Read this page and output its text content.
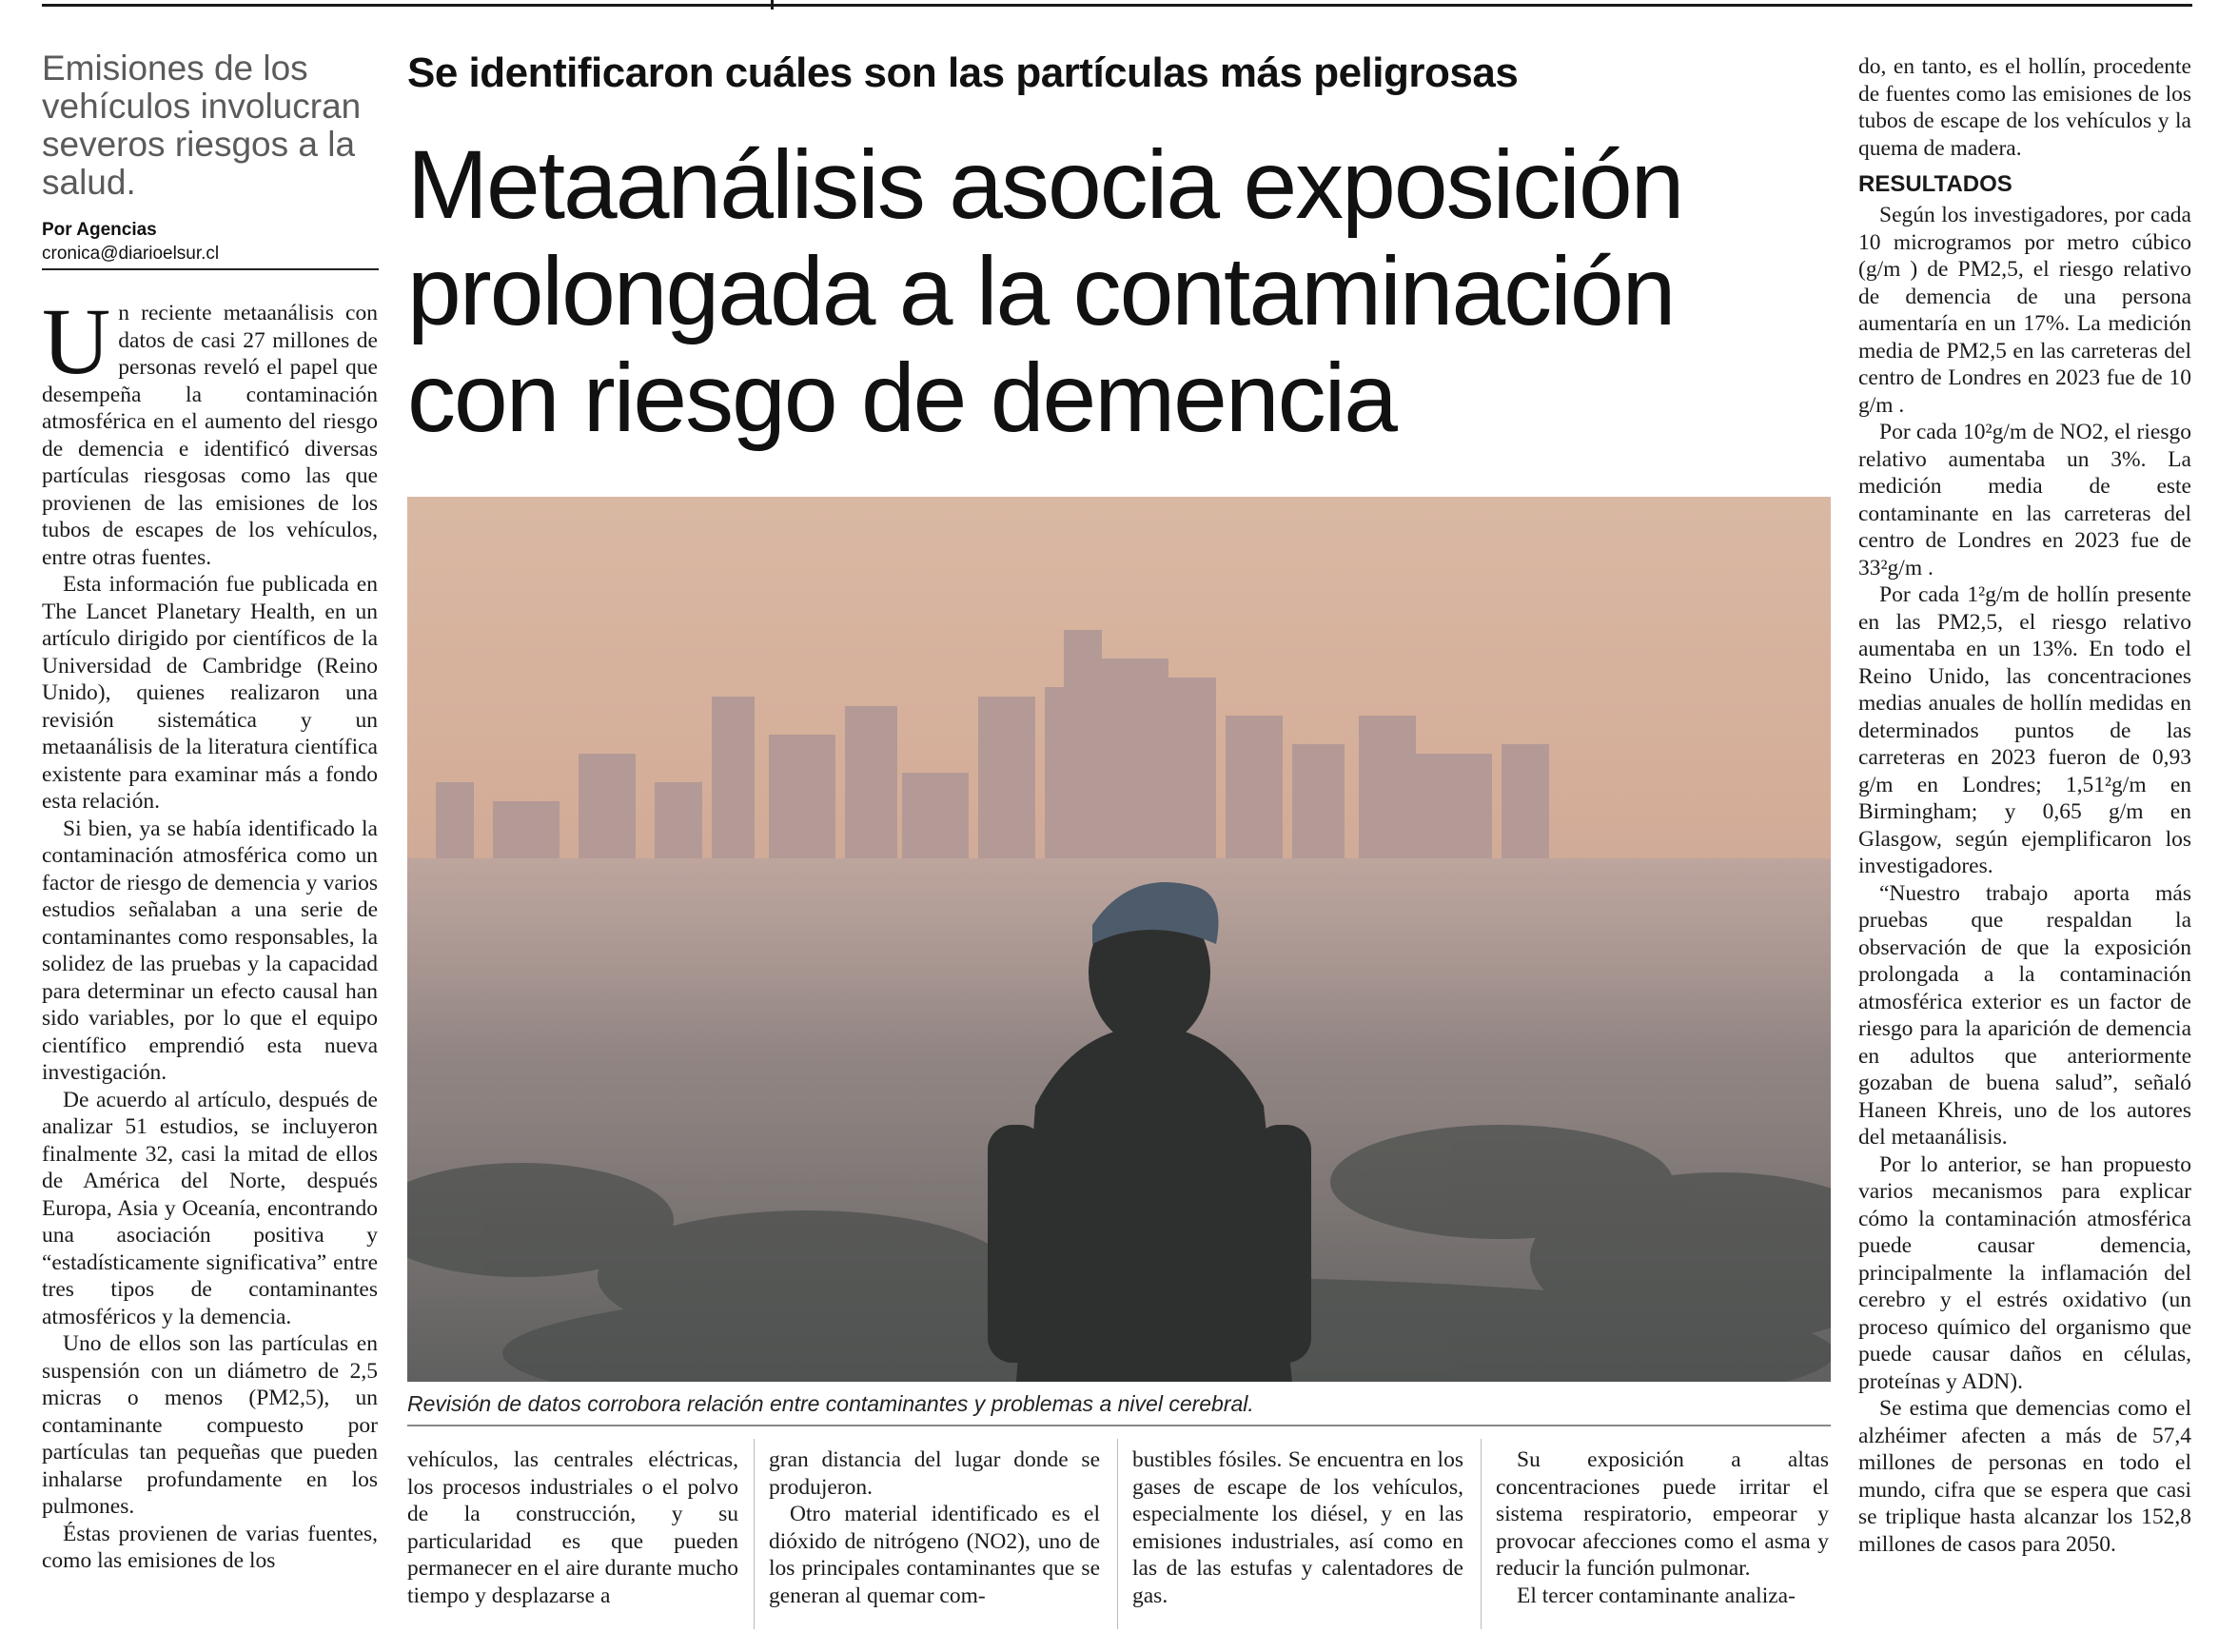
Emisiones de los vehículos involucran severos riesgos a la salud.
Por Agencias
cronica@diarioelsur.cl
Se identificaron cuáles son las partículas más peligrosas
Metaanálisis asocia exposición prolongada a la contaminación con riesgo de demencia

Un reciente metaanálisis con datos de casi 27 millones de personas reveló el papel que desempeña la contaminación atmosférica en el aumento del riesgo de demencia e identificó diversas partículas riesgosas como las que provienen de las emisiones de los tubos de escapes de los vehículos, entre otras fuentes.

Esta información fue publicada en The Lancet Planetary Health, en un artículo dirigido por científicos de la Universidad de Cambridge (Reino Unido), quienes realizaron una revisión sistemática y un metaanálisis de la literatura científica existente para examinar más a fondo esta relación.

Si bien, ya se había identificado la contaminación atmosférica como un factor de riesgo de demencia y varios estudios señalaban a una serie de contaminantes como responsables, la solidez de las pruebas y la capacidad para determinar un efecto causal han sido variables, por lo que el equipo científico emprendió esta nueva investigación.

De acuerdo al artículo, después de analizar 51 estudios, se incluyeron finalmente 32, casi la mitad de ellos de América del Norte, después Europa, Asia y Oceanía, encontrando una asociación positiva y “estadísticamente significativa” entre tres tipos de contaminantes atmosféricos y la demencia.

Uno de ellos son las partículas en suspensión con un diámetro de 2,5 micras o menos (PM2,5), un contaminante compuesto por partículas tan pequeñas que pueden inhalarse profundamente en los pulmones.

Éstas provienen de varias fuentes, como las emisiones de los

Revisión de datos corrobora relación entre contaminantes y problemas a nivel cerebral.

vehículos, las centrales eléctricas, los procesos industriales o el polvo de la construcción, y su particularidad es que pueden permanecer en el aire durante mucho tiempo y desplazarse a

gran distancia del lugar donde se produjeron.

Otro material identificado es el dióxido de nitrógeno (NO2), uno de los principales contaminantes que se generan al quemar com-

bustibles fósiles. Se encuentra en los gases de escape de los vehículos, especialmente los diésel, y en las emisiones industriales, así como en las de las estufas y calentadores de gas.

Su exposición a altas concentraciones puede irritar el sistema respiratorio, empeorar y provocar afecciones como el asma y reducir la función pulmonar.

El tercer contaminante analiza-

do, en tanto, es el hollín, procedente de fuentes como las emisiones de los tubos de escape de los vehículos y la quema de madera.

RESULTADOS

Según los investigadores, por cada 10 microgramos por metro cúbico (g/m ) de PM2,5, el riesgo relativo de demencia de una persona aumentaría en un 17%. La medición media de PM2,5 en las carreteras del centro de Londres en 2023 fue de 10 g/m .

Por cada 10²g/m de NO2, el riesgo relativo aumentaba un 3%. La medición media de este contaminante en las carreteras del centro de Londres en 2023 fue de 33²g/m .

Por cada 1²g/m de hollín presente en las PM2,5, el riesgo relativo aumentaba en un 13%. En todo el Reino Unido, las concentraciones medias anuales de hollín medidas en determinados puntos de las carreteras en 2023 fueron de 0,93 g/m en Londres; 1,51²g/m en Birmingham; y 0,65 g/m en Glasgow, según ejemplificaron los investigadores.

“Nuestro trabajo aporta más pruebas que respaldan la observación de que la exposición prolongada a la contaminación atmosférica exterior es un factor de riesgo para la aparición de demencia en adultos que anteriormente gozaban de buena salud”, señaló Haneen Khreis, uno de los autores del metaanálisis.

Por lo anterior, se han propuesto varios mecanismos para explicar cómo la contaminación atmosférica puede causar demencia, principalmente la inflamación del cerebro y el estrés oxidativo (un proceso químico del organismo que puede causar daños en células, proteínas y ADN).

Se estima que demencias como el alzhéimer afecten a más de 57,4 millones de personas en todo el mundo, cifra que se espera que casi se triplique hasta alcanzar los 152,8 millones de casos para 2050.
